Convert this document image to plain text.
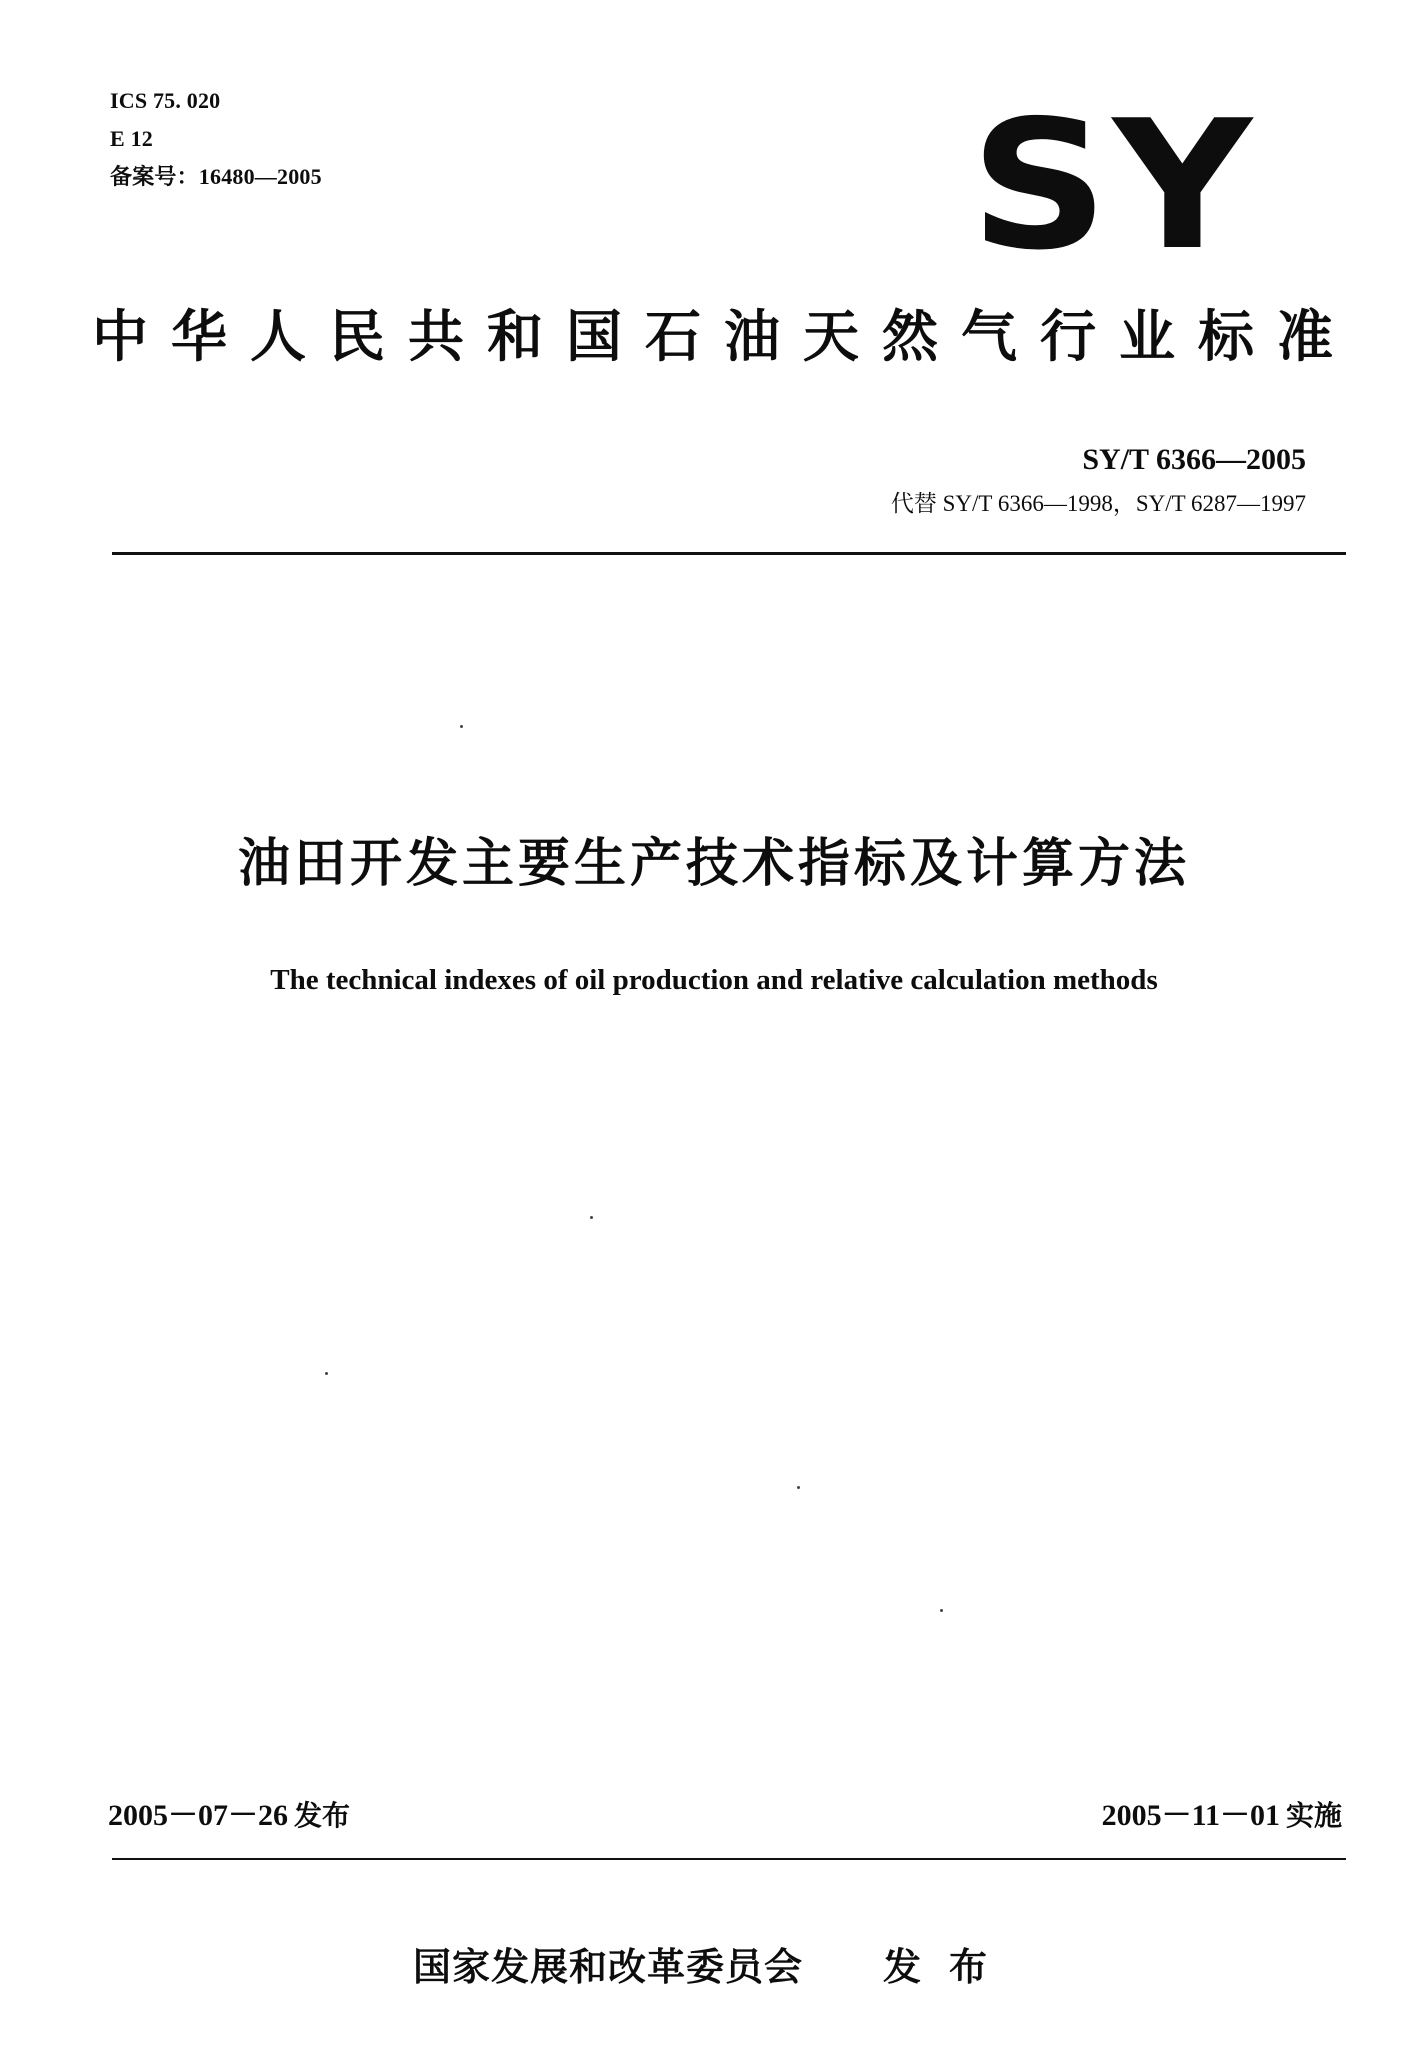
ICS 75. 020
E 12
备案号：16480—2005	SY
中华人民共和国石油天然气行业标准
SY/T 6366—2005
代替 SY/T 6366—1998，SY/T 6287—1997
油田开发主要生产技术指标及计算方法
The technical indexes of oil production and relative calculation methods
2005－07－26 发布	2005－11－01 实施
国家发展和改革委员会 发布
